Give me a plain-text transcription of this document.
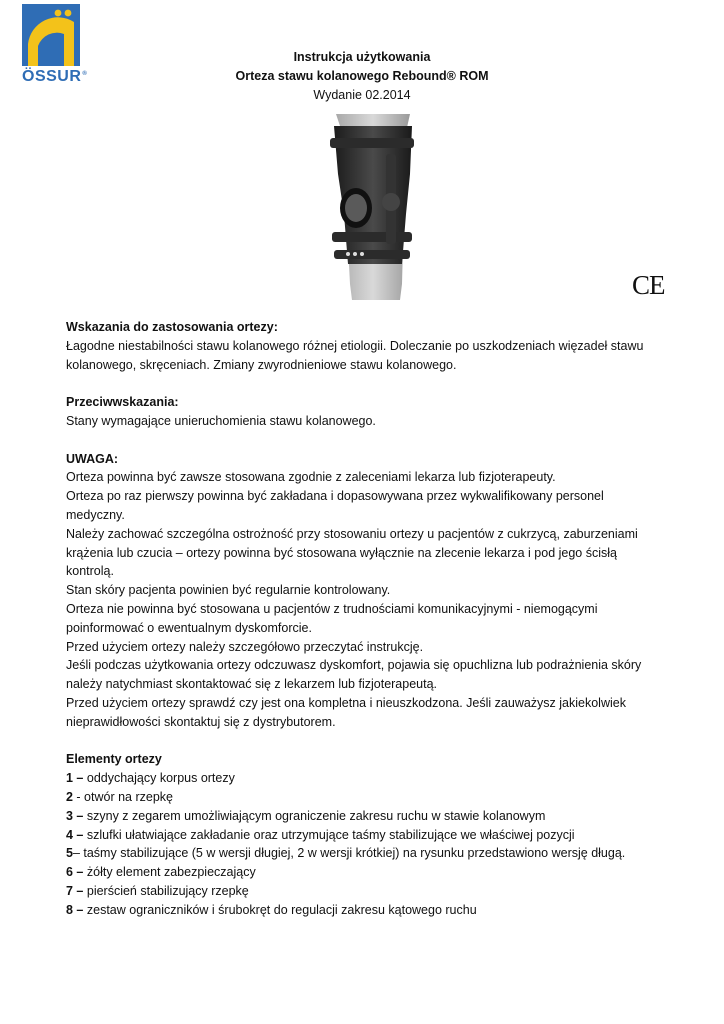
ÖSSUR®
Instrukcja użytkowania
Orteza stawu kolanowego Rebound® ROM
Wydanie 02.2014
CE

Wskazania do zastosowania ortezy:

Łagodne niestabilności stawu kolanowego różnej etiologii. Doleczanie po uszkodzeniach więzadeł stawu

kolanowego, skręceniach. Zmiany zwyrodnieniowe stawu kolanowego.

Przeciwwskazania:

Stany wymagające unieruchomienia stawu kolanowego.

UWAGA:

Orteza powinna być zawsze stosowana zgodnie z zaleceniami lekarza lub fizjoterapeuty.

Orteza po raz pierwszy powinna być zakładana i dopasowywana przez wykwalifikowany personel medyczny.

Należy zachować szczególna ostrożność przy stosowaniu ortezy u pacjentów z cukrzycą, zaburzeniami

krążenia lub czucia – ortezy powinna być stosowana wyłącznie na zlecenie lekarza i pod jego ścisłą kontrolą.

Stan skóry pacjenta powinien być regularnie kontrolowany.

Orteza nie powinna być stosowana u pacjentów z trudnościami komunikacyjnymi - niemogącymi

poinformować o ewentualnym dyskomforcie.

Przed użyciem ortezy należy szczegółowo przeczytać instrukcję.

Jeśli podczas użytkowania ortezy odczuwasz dyskomfort, pojawia się opuchlizna lub podrażnienia skóry

należy natychmiast skontaktować się z lekarzem lub fizjoterapeutą.

Przed użyciem ortezy sprawdź czy jest ona kompletna i nieuszkodzona. Jeśli zauważysz jakiekolwiek

nieprawidłowości skontaktuj się z dystrybutorem.

Elementy ortezy

1 – oddychający korpus ortezy

2 - otwór na rzepkę

3 – szyny z zegarem umożliwiającym ograniczenie zakresu ruchu w stawie kolanowym

4 – szlufki ułatwiające zakładanie oraz utrzymujące taśmy stabilizujące we właściwej pozycji

5– taśmy stabilizujące (5 w wersji długiej, 2 w wersji krótkiej) na rysunku przedstawiono wersję długą.

6 – żółty element zabezpieczający

7 – pierścień stabilizujący rzepkę

8 – zestaw ograniczników i śrubokręt do regulacji zakresu kątowego ruchu
